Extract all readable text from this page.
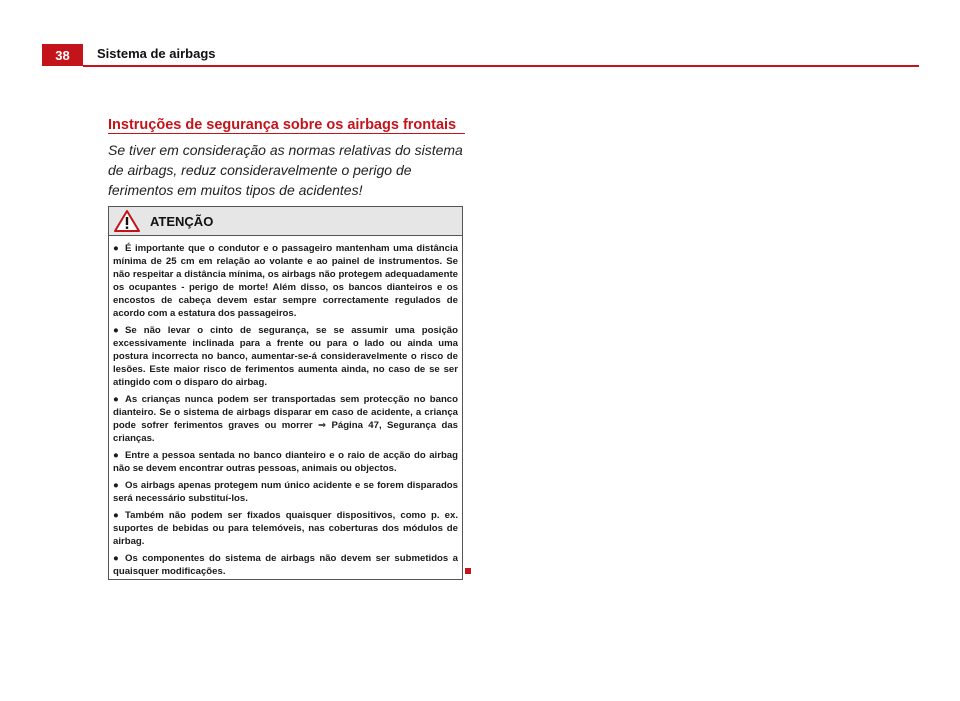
38	Sistema de airbags
Instruções de segurança sobre os airbags frontais

Se tiver em consideração as normas relativas do sistema de airbags, reduz consideravelmente o perigo de ferimentos em muitos tipos de acidentes!

ATENÇÃO
● É importante que o condutor e o passageiro mantenham uma distância mínima de 25 cm em relação ao volante e ao painel de instrumentos. Se não respeitar a distância mínima, os airbags não protegem adequadamente os ocupantes - perigo de morte! Além disso, os bancos dianteiros e os encostos de cabeça devem estar sempre correctamente regulados de acordo com a estatura dos passageiros.
● Se não levar o cinto de segurança, se se assumir uma posição excessivamente inclinada para a frente ou para o lado ou ainda uma postura incorrecta no banco, aumentar-se-á consideravelmente o risco de lesões. Este maior risco de ferimentos aumenta ainda, no caso de se ser atingido com o disparo do airbag.
● As crianças nunca podem ser transportadas sem protecção no banco dianteiro. Se o sistema de airbags disparar em caso de acidente, a criança pode sofrer ferimentos graves ou morrer ⇒ Página 47, Segurança das crianças.
● Entre a pessoa sentada no banco dianteiro e o raio de acção do airbag não se devem encontrar outras pessoas, animais ou objectos.
● Os airbags apenas protegem num único acidente e se forem disparados será necessário substituí-los.
● Também não podem ser fixados quaisquer dispositivos, como p. ex. suportes de bebidas ou para telemóveis, nas coberturas dos módulos de airbag.
● Os componentes do sistema de airbags não devem ser submetidos a quaisquer modificações.
